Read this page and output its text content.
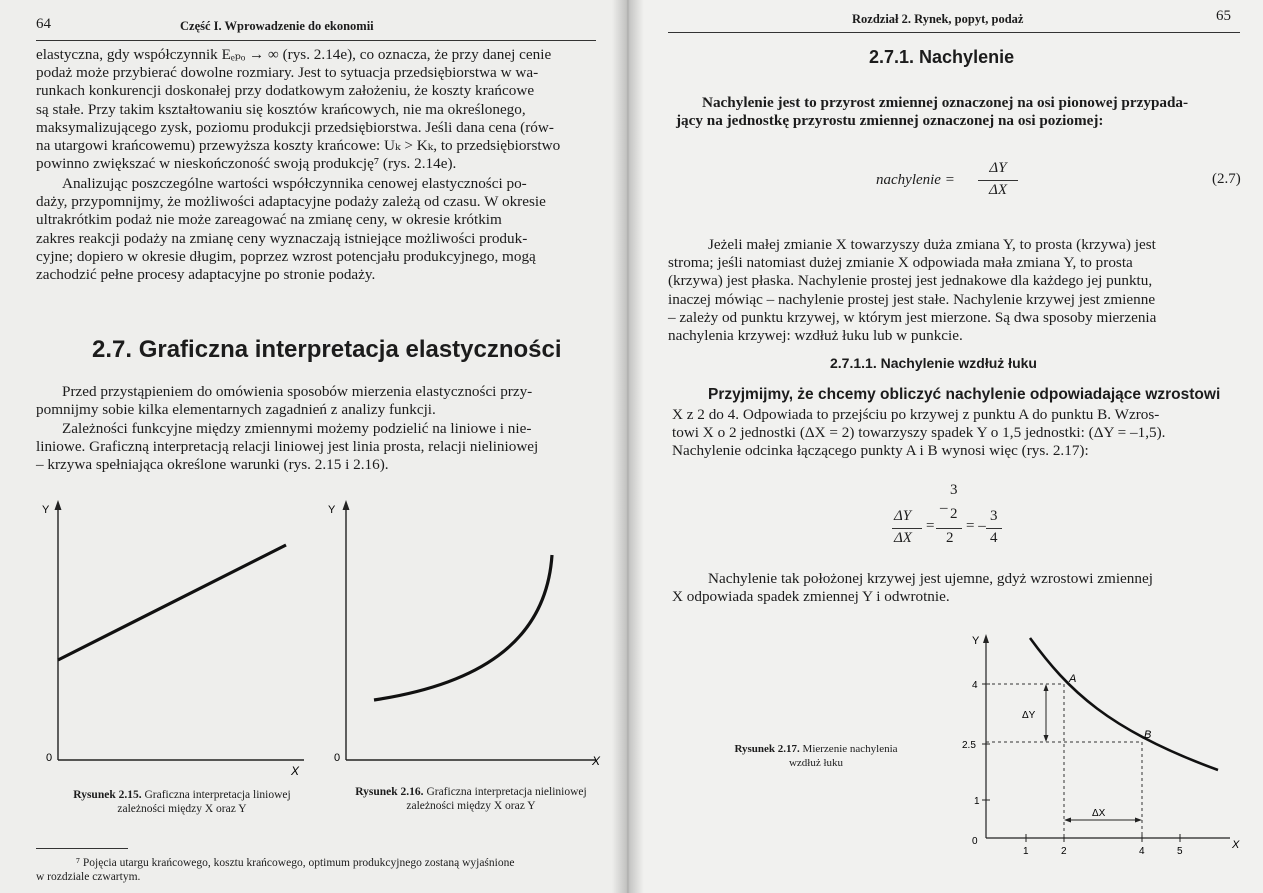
64	Część I. Wprowadzenie do ekonomii
elastyczna, gdy współczynnik Eₑₚₒ → ∞ (rys. 2.14e), co oznacza, że przy danej cenie
podaż może przybierać dowolne rozmiary. Jest to sytuacja przedsiębiorstwa w wa-
runkach konkurencji doskonałej przy dodatkowym założeniu, że koszty krańcowe
są stałe. Przy takim kształtowaniu się kosztów krańcowych, nie ma określonego,
maksymalizującego zysk, poziomu produkcji przedsiębiorstwa. Jeśli dana cena (rów-
na utargowi krańcowemu) przewyższa koszty krańcowe: Uₖ > Kₖ, to przedsiębiorstwo
powinno zwiększać w nieskończoność swoją produkcję⁷ (rys. 2.14e).
Analizując poszczególne wartości współczynnika cenowej elastyczności po-
daży, przypomnijmy, że możliwości adaptacyjne podaży zależą od czasu. W okresie
ultrakrótkim podaż nie może zareagować na zmianę ceny, w okresie krótkim
zakres reakcji podaży na zmianę ceny wyznaczają istniejące możliwości produk-
cyjne; dopiero w okresie długim, poprzez wzrost potencjału produkcyjnego, mogą
zachodzić pełne procesy adaptacyjne po stronie podaży.
2.7. Graficzna interpretacja elastyczności
Przed przystąpieniem do omówienia sposobów mierzenia elastyczności przy-
pomnijmy sobie kilka elementarnych zagadnień z analizy funkcji.
Zależności funkcyjne między zmiennymi możemy podzielić na liniowe i nie-
liniowe. Graficzną interpretacją relacji liniowej jest linia prosta, relacji nieliniowej
– krzywa spełniająca określone warunki (rys. 2.15 i 2.16).
Y
0
X
Y
0	X
Rysunek 2.15. Graficzna interpretacja liniowej
zależności między X oraz Y
Rysunek 2.16. Graficzna interpretacja nieliniowej
zależności między X oraz Y
⁷ Pojęcia utargu krańcowego, kosztu krańcowego, optimum produkcyjnego zostaną wyjaśnione
w rozdziale czwartym.
Rozdział 2. Rynek, popyt, podaż	65
2.7.1. Nachylenie
Nachylenie jest to przyrost zmiennej oznaczonej na osi pionowej przypada-
jący na jednostkę przyrostu zmiennej oznaczonej na osi poziomej:
nachylenie =
ΔY
ΔX
(2.7)
Jeżeli małej zmianie X towarzyszy duża zmiana Y, to prosta (krzywa) jest
stroma; jeśli natomiast dużej zmianie X odpowiada mała zmiana Y, to prosta
(krzywa) jest płaska. Nachylenie prostej jest jednakowe dla każdego jej punktu,
inaczej mówiąc – nachylenie prostej jest stałe. Nachylenie krzywej jest zmienne
– zależy od punktu krzywej, w którym jest mierzone. Są dwa sposoby mierzenia
nachylenia krzywej: wzdłuż łuku lub w punkcie.
2.7.1.1. Nachylenie wzdłuż łuku
Przyjmijmy, że chcemy obliczyć nachylenie odpowiadające wzrostowi
X z 2 do 4. Odpowiada to przejściu po krzywej z punktu A do punktu B. Wzros-
towi X o 2 jednostki (ΔX = 2) towarzyszy spadek Y o 1,5 jednostki: (ΔY = –1,5).
Nachylenie odcinka łączącego punkty A i B wynosi więc (rys. 2.17):
3
ΔY
ΔX
=
– 2
2
= –
3
4
Nachylenie tak położonej krzywej jest ujemne, gdyż wzrostowi zmiennej
X odpowiada spadek zmiennej Y i odwrotnie.
Rysunek 2.17. Mierzenie nachylenia
wzdłuż łuku
Y
X
4
2.5
1
0
1	2	4	5
A
B
ΔY
ΔX
